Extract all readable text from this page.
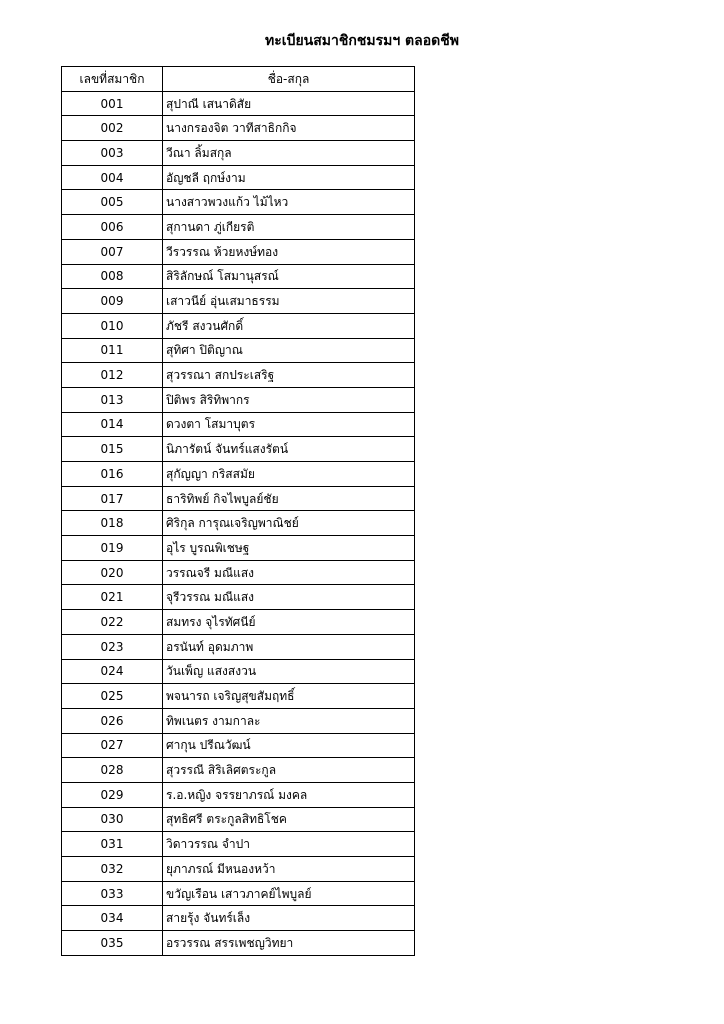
ทะเบียนสมาชิกชมรมฯ ตลอดชีพ
เลขที่สมาชิก	ชื่อ-สกุล
001	สุปาณี เสนาดิสัย
002	นางกรองจิต วาทีสาธิกกิจ
003	วีณา ลิ้มสกุล
004	อัญชลี ฤกษ์งาม
005	นางสาวพวงแก้ว ไม้ไหว
006	สุกานดา ภู่เกียรติ
007	วีรวรรณ ห้วยหงษ์ทอง
008	สิริลักษณ์ โสมานุสรณ์
009	เสาวนีย์ อุ่นเสมาธรรม
010	ภัชรี สงวนศักดิ์
011	สุทิศา ปิติญาณ
012	สุวรรณา สกประเสริฐ
013	ปิติพร สิริทิพากร
014	ดวงตา โสมาบุตร
015	นิภารัตน์ จันทร์แสงรัตน์
016	สุกัญญา กริสสมัย
017	ธาริทิพย์ กิจไพบูลย์ชัย
018	ศิริกุล การุณเจริญพาณิชย์
019	อุไร บูรณพิเชษฐ
020	วรรณจรี มณีแสง
021	จุรีวรรณ มณีแสง
022	สมทรง จุไรทัศนีย์
023	อรนันท์ อุดมภาพ
024	วันเพ็ญ แสงสงวน
025	พจนารถ เจริญสุขสัมฤทธิ์
026	ทิพเนตร งามกาละ
027	ศากุน ปรีณวัฒน์
028	สุวรรณี สิริเลิศตระกูล
029	ร.อ.หญิง จรรยาภรณ์ มงคล
030	สุทธิศรี ตระกูลสิทธิโชค
031	วิดาวรรณ จำปา
032	ยุภาภรณ์ มีหนองหว้า
033	ขวัญเรือน เสาวภาคย์ไพบูลย์
034	สายรุ้ง จันทร์เล็ง
035	อรวรรณ สรรเพชญวิทยา
